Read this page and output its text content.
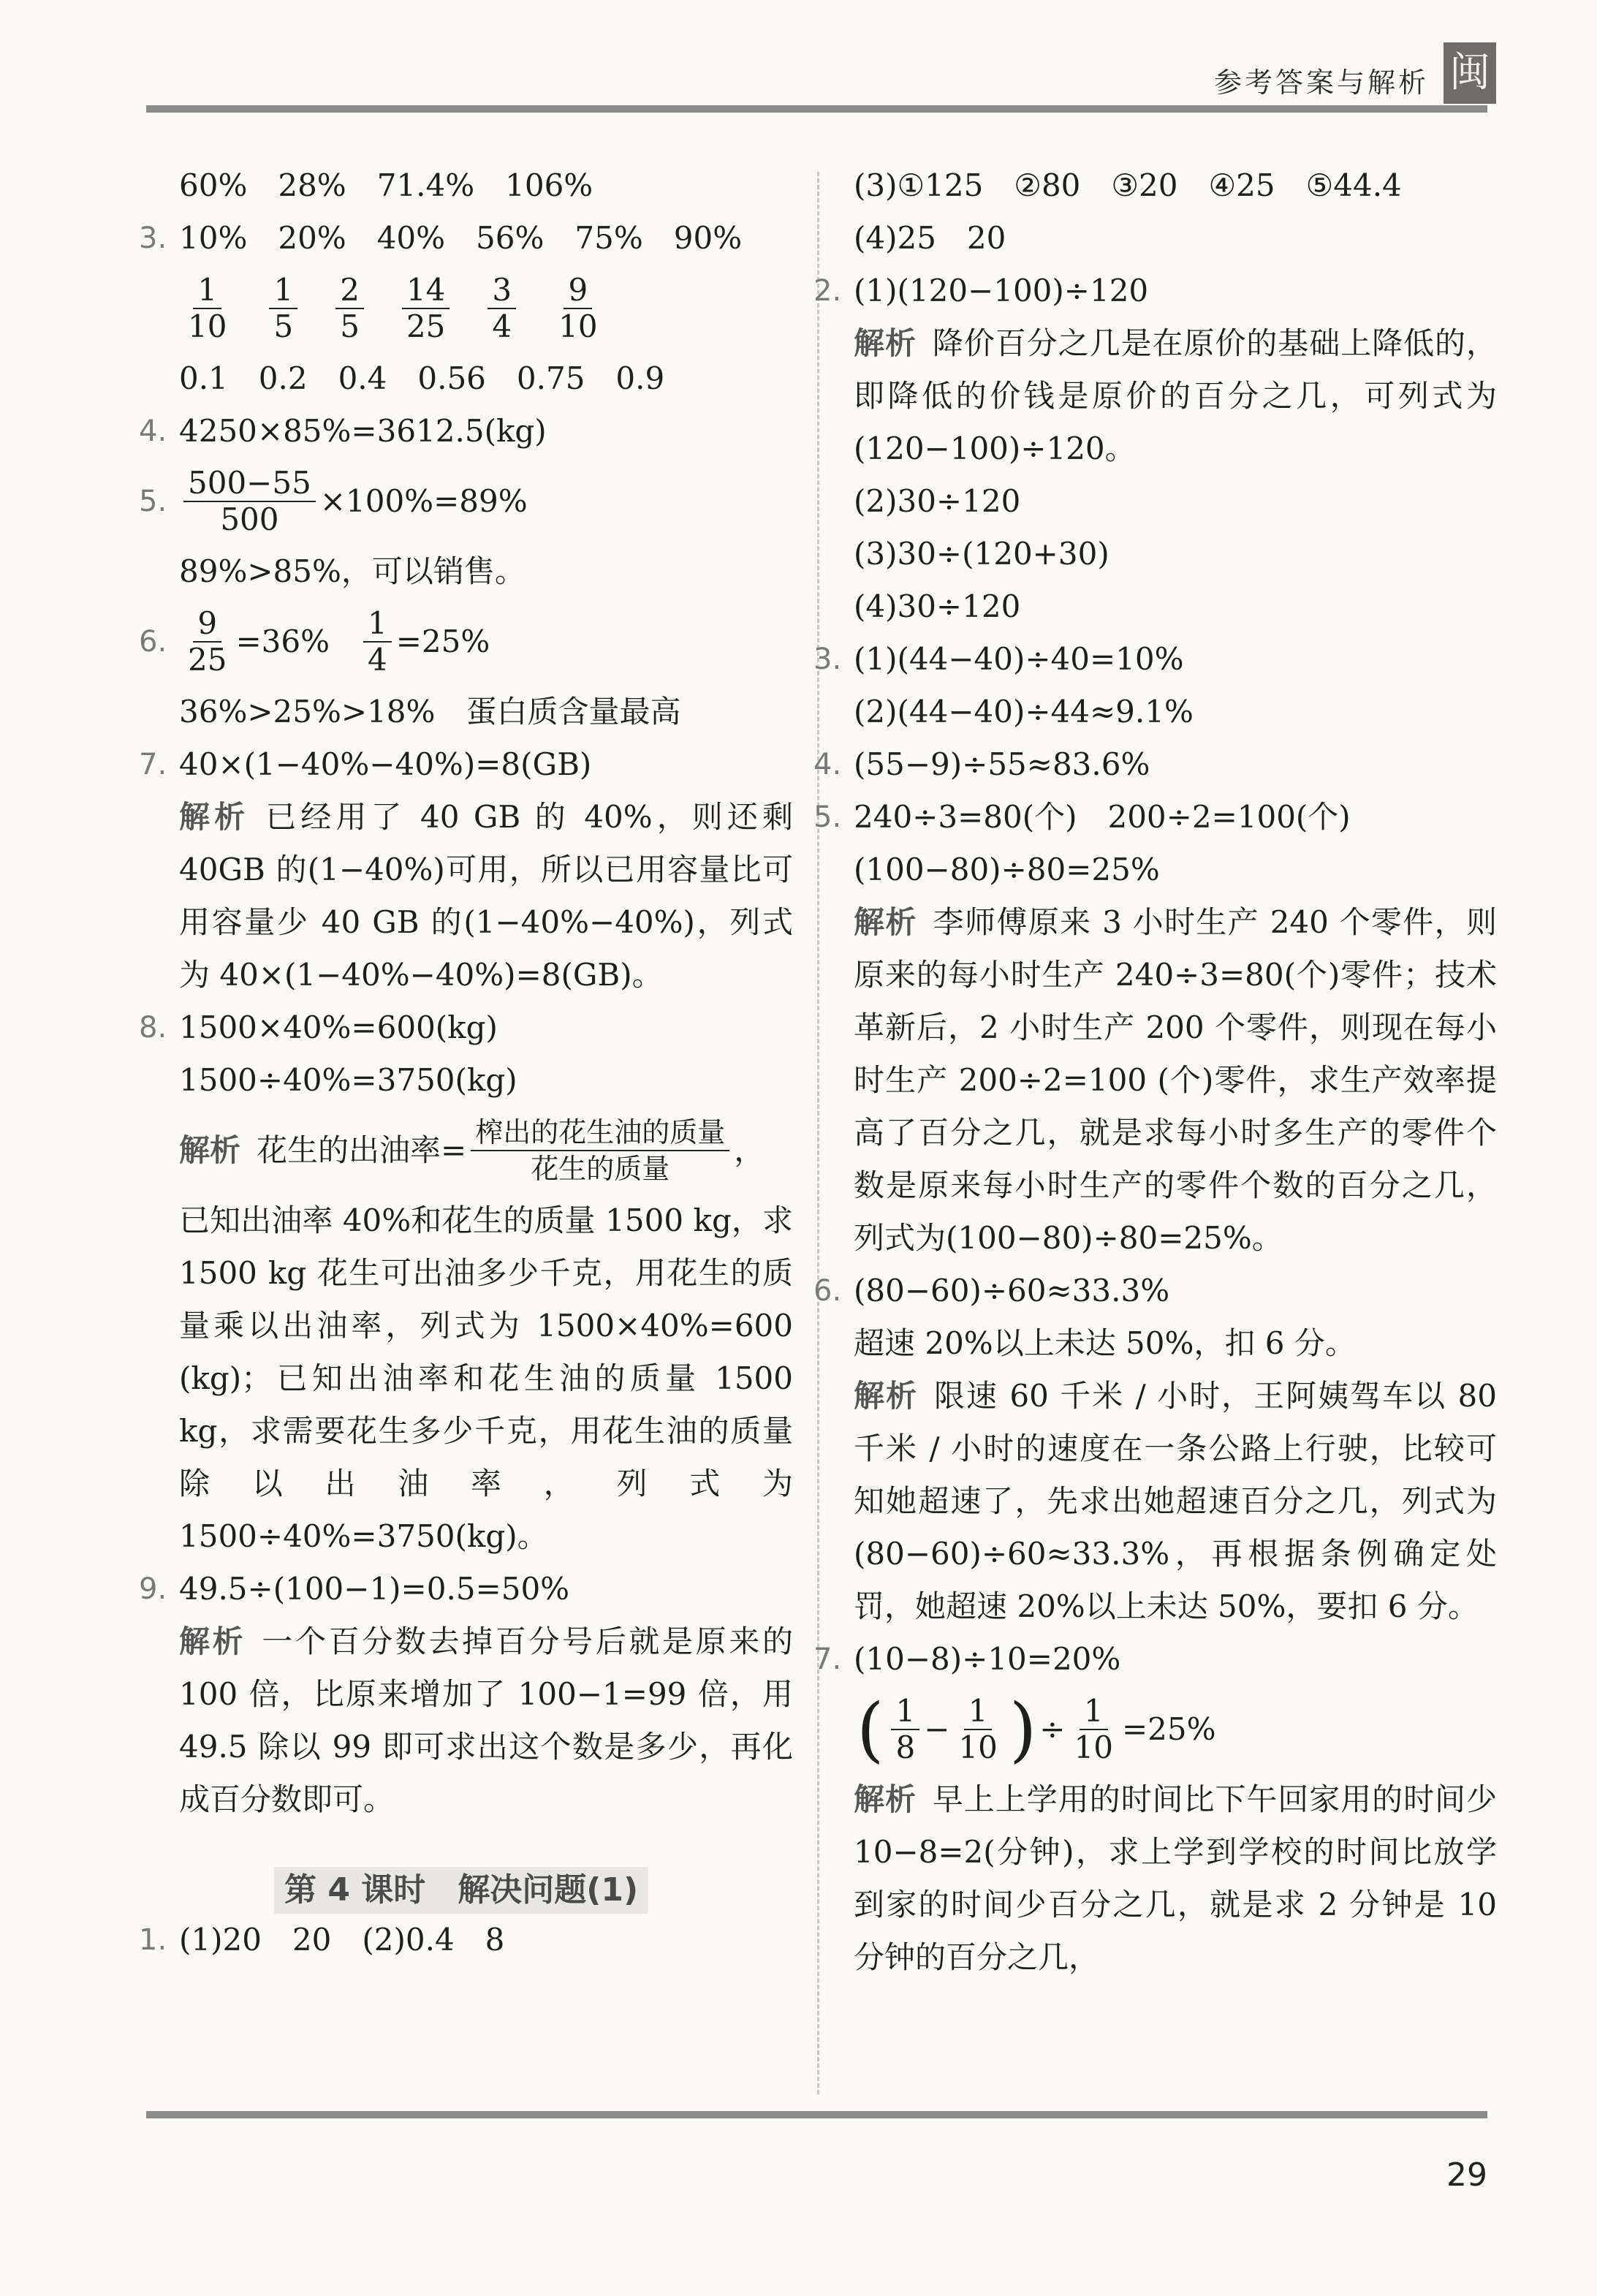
参考答案与解析 闽
60%　28%　71.4%　106%
3. 10%　20%　40%　56%　75%　90%
$\frac{1}{10} \frac{1}{5} \frac{2}{5} \frac{14}{25} \frac{3}{4} \frac{9}{10}$
0.1　0.2　0.4　0.56　0.75　0.9
4. 4250×85%=3612.5(kg)
5. $\frac{500-55}{500} \times 100\%=89\%$
89%>85%，可以销售。
6. $\frac{9}{25} =36\% \frac{1}{4} =25\%$
36%>25%>18%　蛋白质含量最高
7. 40×(1−40%−40%)=8(GB)
解析 已经用了 40 GB 的 40%，则还剩 40GB 的(1−40%)可用，所以已用容量比可用容量少 40 GB 的(1−40%−40%)，列式为 40×(1−40%−40%)=8(GB)。
8. 1500×40%=600(kg)
1500÷40%=3750(kg)
解析 花生的出油率= $\frac{\text{榨出的花生油的质量}}{\text{花生的质量}}$ ，
已知出油率 40%和花生的质量 1500 kg，求 1500 kg 花生可出油多少千克，用花生的质量乘以出油率，列式为 1500×40%=600 (kg)；已知出油率和花生油的质量 1500 kg，求需要花生多少千克，用花生油的质量除以出油率，列式为 1500÷40%=3750(kg)。
9. 49.5÷(100−1)=0.5=50%
解析 一个百分数去掉百分号后就是原来的 100 倍，比原来增加了 100−1=99 倍，用 49.5 除以 99 即可求出这个数是多少，再化成百分数即可。
第 4 课时　解决问题(1)
1. (1)20　20　(2)0.4　8
(3)①125　②80　③20　④25　⑤44.4
(4)25　20
2. (1)(120−100)÷120
解析 降价百分之几是在原价的基础上降低的，即降低的价钱是原价的百分之几，可列式为(120−100)÷120。
(2)30÷120
(3)30÷(120+30)
(4)30÷120
3. (1)(44−40)÷40=10%
(2)(44−40)÷44≈9.1%
4. (55−9)÷55≈83.6%
5. 240÷3=80(个)　200÷2=100(个)
(100−80)÷80=25%
解析 李师傅原来 3 小时生产 240 个零件，则原来的每小时生产 240÷3=80(个)零件；技术革新后，2 小时生产 200 个零件，则现在每小时生产 200÷2=100 (个)零件，求生产效率提高了百分之几，就是求每小时多生产的零件个数是原来每小时生产的零件个数的百分之几，列式为(100−80)÷80=25%。
6. (80−60)÷60≈33.3%
超速 20%以上未达 50%，扣 6 分。
解析 限速 60 千米 / 小时，王阿姨驾车以 80 千米 / 小时的速度在一条公路上行驶，比较可知她超速了，先求出她超速百分之几，列式为 (80−60)÷60≈33.3%，再根据条例确定处罚，她超速 20%以上未达 50%，要扣 6 分。
7. (10−8)÷10=20%
( $\frac{1}{8} - \frac{1}{10}$ ) ÷ $\frac{1}{10} =25\%$
解析 早上上学用的时间比下午回家用的时间少 10−8=2(分钟)，求上学到学校的时间比放学到家的时间少百分之几，就是求 2 分钟是 10 分钟的百分之几，
29
